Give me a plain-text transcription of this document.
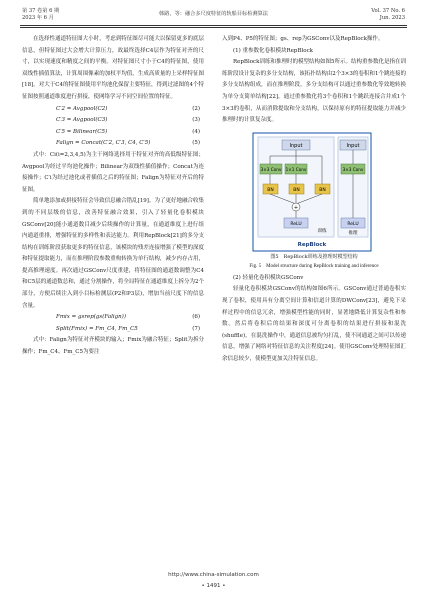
第 37 卷第 6 期
2023 年 6 月
韩路，等：融合多尺度特征的轨船目标检测算法	Vol. 37 No. 6
Jun. 2023

在选择性通道特征图大小时，考虑到特征图尽可能大以保留更多的底层信息，但特征图过大会增大计算压力，故最终选择C4层作为特征对齐的尺寸，以实现速度和精度之间的平衡。对特征图尺寸小于C4的特征图，使用双线性插值算法，计算周围像素的加权平均值，生成高质量的上采样特征图[18]。对大于C4的特征图使用平均池化保留主要特征，得到过滤图的4个特征图按照通道维度进行拼接，使网络学习不同空间位置的特征。

C′2 = Avgpool(C2)	(2)
C′3 = Avgpool(C3)	(3)
C′5 = Bilinear(C5)	(4)
Falign = Concat(C′2, C′3, C4, C′5)	(5)

式中：Ci(i=2,3,4,5)为主干网络选择用于特征对齐的高低级特征图；Avgpool为经过平均池化操作；Bilinear为双线性插值操作；Concat为连接操作；C′i为经过池化或者插值之后的特征图；Falign为特征对齐后的特征图。

简单地添加或拼接特征会导致信息融合错乱[19]。为了更好地融合收集到的不同层级的信息，改善特征融合效果，引入了轻量化卷积模块GSConv[20]能小通道数目减少后续操作的计算量，在通道维度上进行组内通道重排，增强特征的多样性和表达能力。利用RepBlock[21]的多分支结构在训练阶段获取更多的特征信息，该模块的残差连接增强了模型的深度和特征提取能力，而在推理阶段参数重构转换为单行结构，减少内存占用，提高推理速度。再次通过GSConv尺度重建，将特征图的通道数调整为C4和C5层的通道数总和，通过分割操作，将全局特征在通道维度上拆分为2个部分，方便后续注入到小目标检测层(P2和P3层)，增加当前尺度下的信息含量。

Fmix = gsrep(gs(Falign))	(6)
Split(Fmix) = Fm_C4, Fm_C5	(7)

式中：Falign为特征对齐模块的输入；Fmix为融合特征；Split为拆分操作；Fm_C4、Fm_C5为要注

入到P4、P5的特征图；gs、rep为GSConv以及RepBlock操作。

(1) 重参数化卷积模块RepBlock

RepBlock训练和推理时的模型结构如图5所示。结构重参数化是指在训练阶段设计复杂的多分支结构，该拓扑结构由2个3×3的卷积和1个跳连接的多分支结构组成，而在推理阶段，多分支结构可以通过重参数化等效地转换为单分支简单结构[22]。通过重参数化将3个卷积和1个跳跃连接合并成1个3×3的卷积，从而消除提取和分支结构，以保持原有的特征提取能力并减少推理时的计算复杂度。

Input
3×3 Conv 1×1 Conv
BN	BN	BN
+
ReLU
训练
Input
3×3 Conv
ReLU
推理
RepBlock
图5　RepBlock训练及推理时模型结构
Fig. 5　Model structure during RepBlock training and inference

(2) 轻量化卷积模块GSConv

轻量化卷积模块GSConv的结构如图6所示。GSConv通过普通卷积实现了卷积，使用具有分离空间计算和信道计算的DWConv[23]，避免下采样过程中的信息冗余，增强模型性能的同时，显著地降低计算复杂性和参数。然后将卷积后的结果和深度可分离卷积的结果进行拼接和混洗(shuffle)，在混洗操作中，通道信息被均匀打乱，使不同通道之间可以传递信息，增强了网络对特征信息的关注程度[24]。使用GSConv处理特征图汇余信息较少，使模型更加关注特征信息。

http://www.china-simulation.com
• 1491 •
